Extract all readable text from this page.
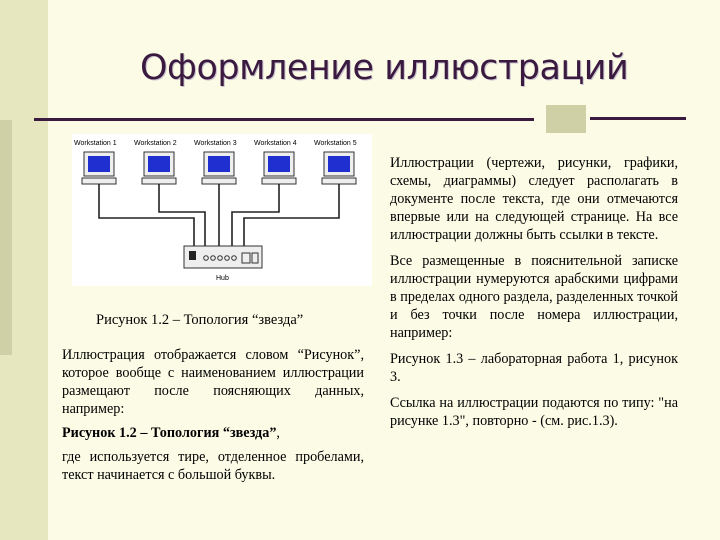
Оформление иллюстраций
Workstation 1 Workstation 2 Workstation 3 Workstation 4 Workstation 5
Hub
Рисунок 1.2 – Топология “звезда”

Иллюстрация отображается словом “Рисунок”, которое вообще с наименованием иллюстрации размещают после поясняющих данных, например:

Рисунок 1.2 – Топология “звезда”,

где используется тире, отделенное пробелами, текст начинается с большой буквы.

Иллюстрации (чертежи, рисунки, графики, схемы, диаграммы) следует располагать в документе после текста, где они отмечаются впервые или на следующей странице. На все иллюстрации должны быть ссылки в тексте.

Все размещенные в пояснительной записке иллюстрации нумеруются арабскими цифрами в пределах одного раздела, разделенных точкой и без точки после номера иллюстрации, например:

Рисунок 1.3 – лабораторная работа 1, рисунок 3.

Ссылка на иллюстрации подаются по типу: "на рисунке 1.3", повторно - (см. рис.1.3).
